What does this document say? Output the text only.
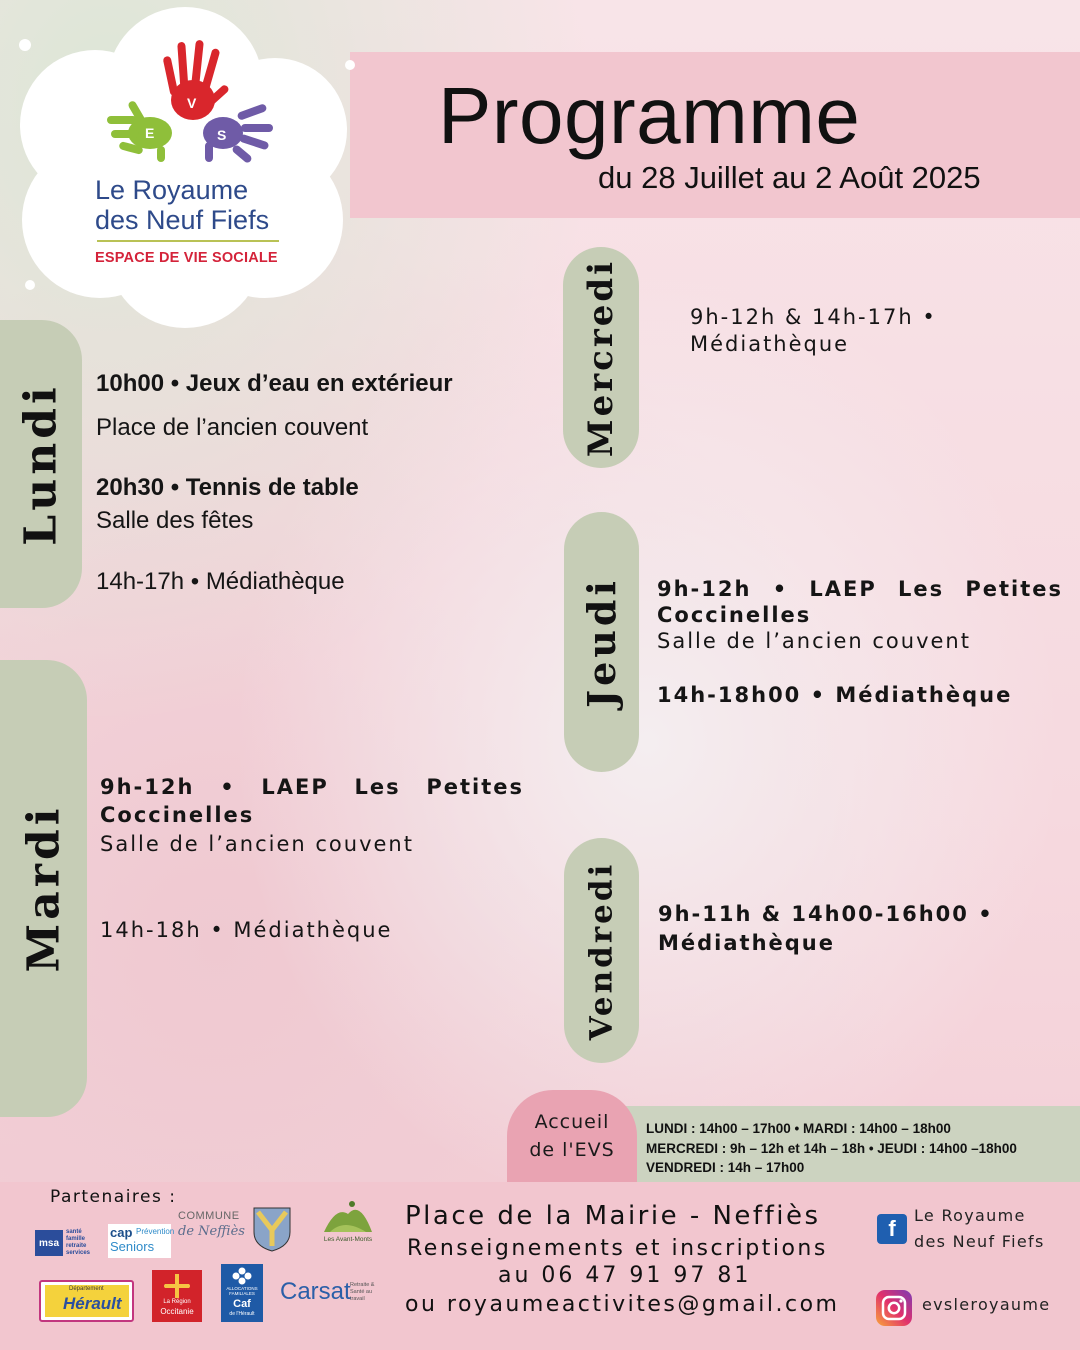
Programme
du 28 Juillet au 2 Août 2025
V
E	S
Le Royaume
des Neuf Fiefs
ESPACE DE VIE SOCIALE
Lundi
Mardi
Mercredi
Jeudi
Vendredi
10h00 • Jeux d’eau en extérieur
Place de l’ancien couvent
20h30 • Tennis de table
Salle des fêtes
14h-17h • Médiathèque
9h-12h • LAEP Les Petites
Coccinelles
Salle de l’ancien couvent
14h-18h • Médiathèque
9h-12h & 14h-17h •
Médiathèque
9h-12h • LAEP Les Petites
Coccinelles
Salle de l’ancien couvent
14h-18h00 • Médiathèque
9h-11h & 14h00-16h00 •
Médiathèque
Accueil
de l'EVS
LUNDI : 14h00 – 17h00 • MARDI : 14h00 – 18h00
MERCREDI : 9h – 12h et 14h – 18h • JEUDI : 14h00 –18h00
VENDREDI : 14h – 17h00
Partenaires :
msa
santé
famille
retraite
services
cap Prévention
Seniors
COMMUNE
de Neffiès
Les Avant-Monts
Département
Hérault	La Région
Occitanie
ALLOCATIONS
FAMILIALES
Caf
de l'Hérault
Carsat Retraite & Santé au travail
Place de la Mairie - Neffiès
Renseignements et inscriptions
au 06 47 91 97 81
ou royaumeactivites@gmail.com
f
Le Royaume
des Neuf Fiefs
evsleroyaume
